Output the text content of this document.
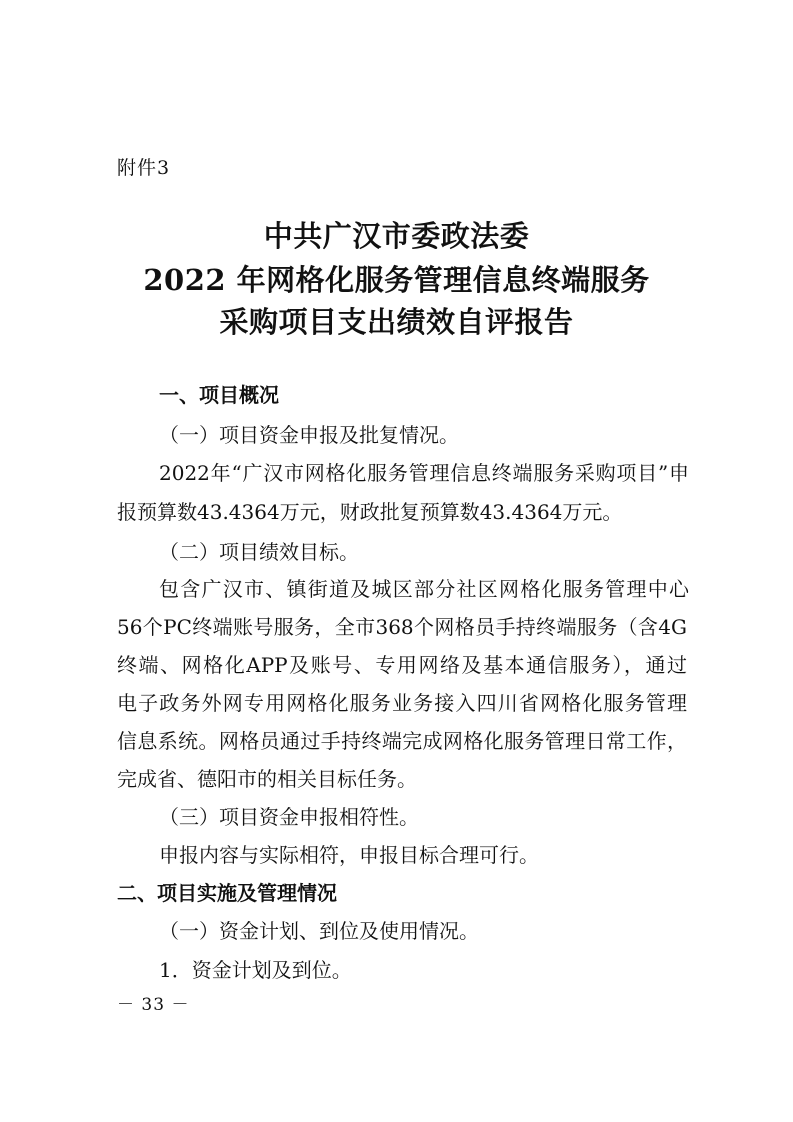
附件3
中共广汉市委政法委
2022 年网格化服务管理信息终端服务
采购项目支出绩效自评报告
一、项目概况
（一）项目资金申报及批复情况。
2022年“广汉市网格化服务管理信息终端服务采购项目”申
报预算数43.4364万元，财政批复预算数43.4364万元。
（二）项目绩效目标。
包含广汉市、镇街道及城区部分社区网格化服务管理中心
56个PC终端账号服务，全市368个网格员手持终端服务（含4G
终端、网格化APP及账号、专用网络及基本通信服务），通过
电子政务外网专用网格化服务业务接入四川省网格化服务管理
信息系统。网格员通过手持终端完成网格化服务管理日常工作，
完成省、德阳市的相关目标任务。
（三）项目资金申报相符性。
申报内容与实际相符，申报目标合理可行。
二、项目实施及管理情况
（一）资金计划、到位及使用情况。
1．资金计划及到位。
－ 33 －
